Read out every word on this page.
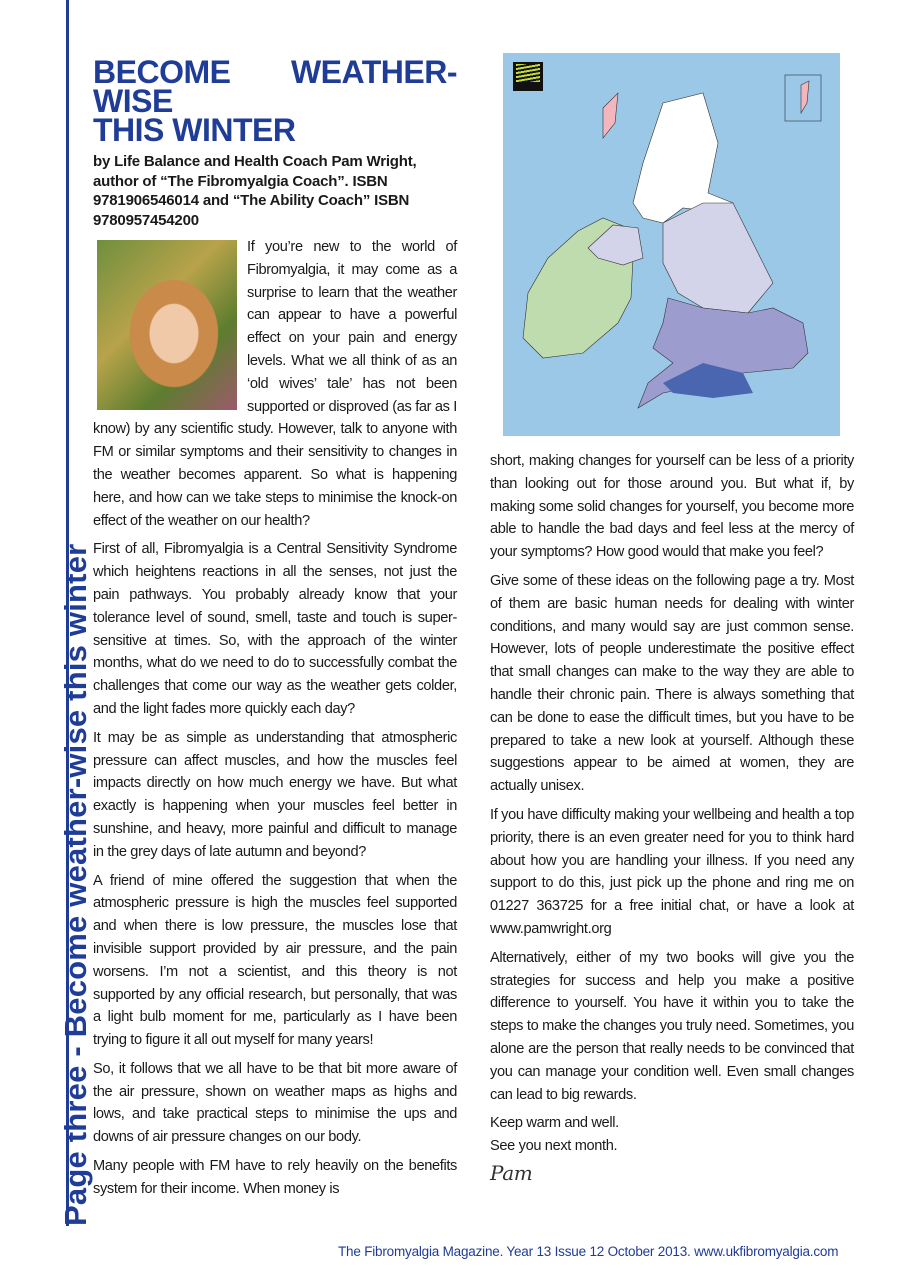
Page three - Become weather-wise this winter
BECOME WEATHER-WISE
THIS WINTER
by Life Balance and Health Coach Pam Wright, author of “The Fibromyalgia Coach”. ISBN 9781906546014 and “The Ability Coach” ISBN 9780957454200

If you’re new to the world of Fibromyalgia, it may come as a surprise to learn that the weather can appear to have a powerful effect on your pain and energy levels. What we all think of as an ‘old wives’ tale’ has not been supported or disproved (as far as I know) by any scientific study. However, talk to anyone with FM or similar symptoms and their sensitivity to changes in the weather becomes apparent. So what is happening here, and how can we take steps to minimise the knock-on effect of the weather on our health?

First of all, Fibromyalgia is a Central Sensitivity Syndrome which heightens reactions in all the senses, not just the pain pathways. You probably already know that your tolerance level of sound, smell, taste and touch is super-sensitive at times. So, with the approach of the winter months, what do we need to do to successfully combat the challenges that come our way as the weather gets colder, and the light fades more quickly each day?

It may be as simple as understanding that atmospheric pressure can affect muscles, and how the muscles feel impacts directly on how much energy we have. But what exactly is happening when your muscles feel better in sunshine, and heavy, more painful and difficult to manage in the grey days of late autumn and beyond?

A friend of mine offered the suggestion that when the atmospheric pressure is high the muscles feel supported and when there is low pressure, the muscles lose that invisible support provided by air pressure, and the pain worsens. I’m not a scientist, and this theory is not supported by any official research, but personally, that was a light bulb moment for me, particularly as I have been trying to figure it all out myself for many years!

So, it follows that we all have to be that bit more aware of the air pressure, shown on weather maps as highs and lows, and take practical steps to minimise the ups and downs of air pressure changes on our body.

Many people with FM have to rely heavily on the benefits system for their income. When money is

short, making changes for yourself can be less of a priority than looking out for those around you. But what if, by making some solid changes for yourself, you become more able to handle the bad days and feel less at the mercy of your symptoms? How good would that make you feel?

Give some of these ideas on the following page a try. Most of them are basic human needs for dealing with winter conditions, and many would say are just common sense. However, lots of people underestimate the positive effect that small changes can make to the way they are able to handle their chronic pain. There is always something that can be done to ease the difficult times, but you have to be prepared to take a new look at yourself. Although these suggestions appear to be aimed at women, they are actually unisex.

If you have difficulty making your wellbeing and health a top priority, there is an even greater need for you to think hard about how you are handling your illness. If you need any support to do this, just pick up the phone and ring me on 01227 363725 for a free initial chat, or have a look at www.pamwright.org

Alternatively, either of my two books will give you the strategies for success and help you make a positive difference to yourself. You have it within you to take the steps to make the changes you truly need. Sometimes, you alone are the person that really needs to be convinced that you can manage your condition well. Even small changes can lead to big rewards.

Keep warm and well.

See you next month.

Pam
The Fibromyalgia Magazine. Year 13 Issue 12 October 2013. www.ukfibromyalgia.com
